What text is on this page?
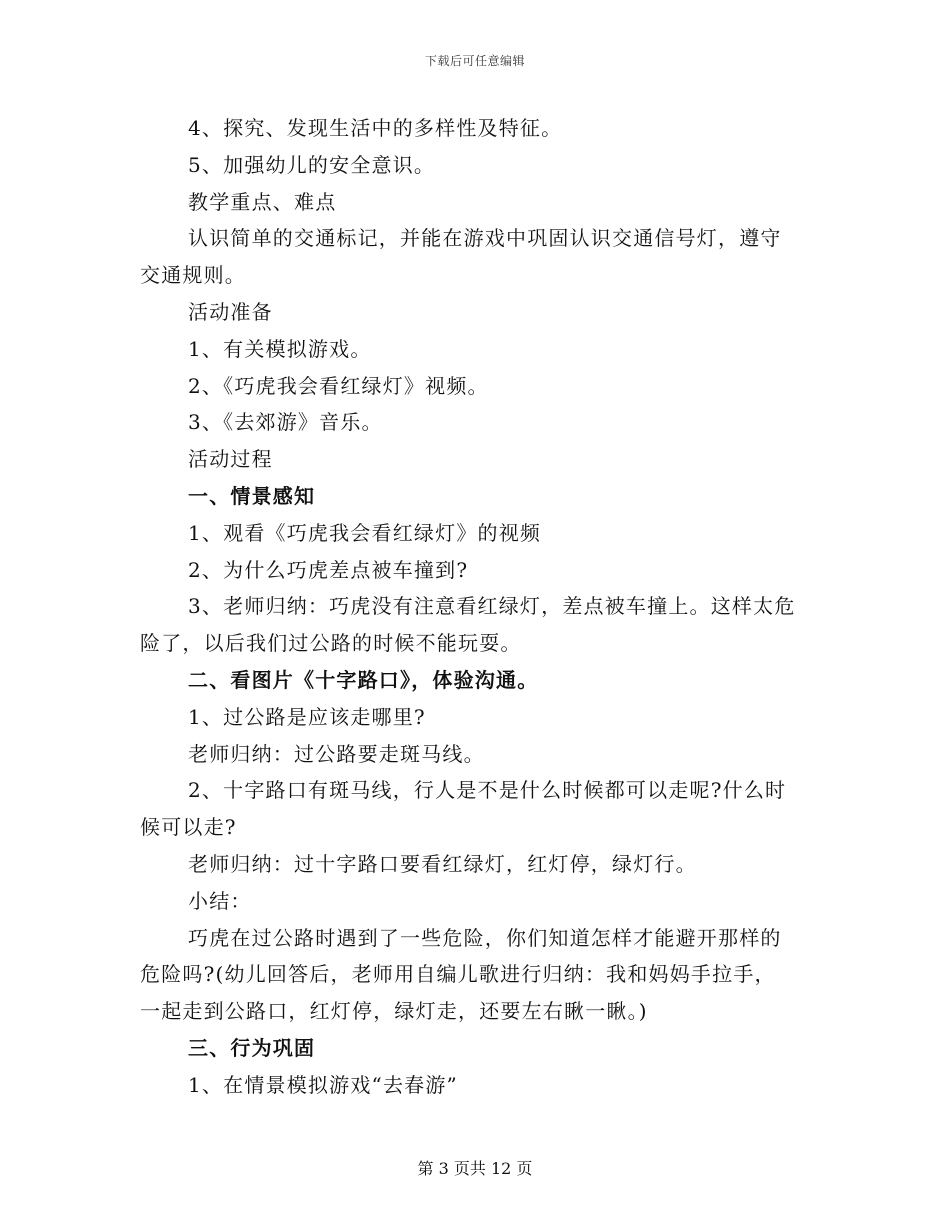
下载后可任意编辑
4、探究、发现生活中的多样性及特征。
5、加强幼儿的安全意识。
教学重点、难点
认识简单的交通标记，并能在游戏中巩固认识交通信号灯，遵守
交通规则。
活动准备
1、有关模拟游戏。
2、《巧虎我会看红绿灯》视频。
3、《去郊游》音乐。
活动过程
一、情景感知
1、观看《巧虎我会看红绿灯》的视频
2、为什么巧虎差点被车撞到?
3、老师归纳：巧虎没有注意看红绿灯，差点被车撞上。这样太危
险了，以后我们过公路的时候不能玩耍。
二、看图片《十字路口》，体验沟通。
1、过公路是应该走哪里?
老师归纳：过公路要走斑马线。
2、十字路口有斑马线，行人是不是什么时候都可以走呢?什么时
候可以走?
老师归纳：过十字路口要看红绿灯，红灯停，绿灯行。
小结：
巧虎在过公路时遇到了一些危险，你们知道怎样才能避开那样的
危险吗?(幼儿回答后，老师用自编儿歌进行归纳：我和妈妈手拉手，
一起走到公路口，红灯停，绿灯走，还要左右瞅一瞅。)
三、行为巩固
1、在情景模拟游戏“去春游”
第 3 页共 12 页
